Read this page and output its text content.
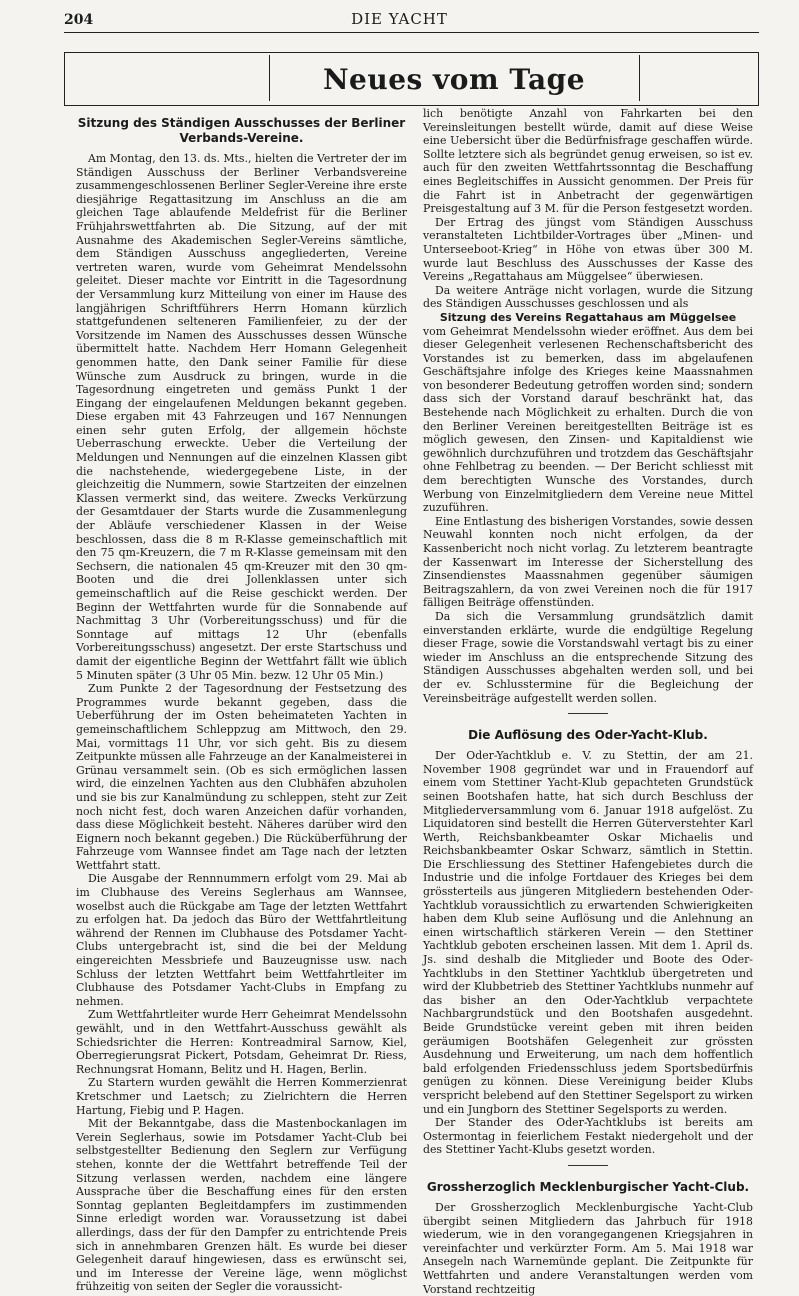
204	DIE YACHT
Neues vom Tage
Sitzung des Ständigen Ausschusses der Berliner
Verbands-Vereine.

Am Montag, den 13. ds. Mts., hielten die Vertreter der im Ständigen Ausschuss der Berliner Verbandsvereine zusammengeschlossenen Berliner Segler-Vereine ihre erste diesjährige Regattasitzung im Anschluss an die am gleichen Tage ablaufende Meldefrist für die Berliner Frühjahrswettfahrten ab. Die Sitzung, auf der mit Ausnahme des Akademischen Segler-Vereins sämtliche, dem Ständigen Ausschuss angegliederten, Vereine vertreten waren, wurde vom Geheimrat Mendelssohn geleitet. Dieser machte vor Eintritt in die Tagesordnung der Versammlung kurz Mitteilung von einer im Hause des langjährigen Schriftführers Herrn Homann kürzlich stattgefundenen selteneren Familienfeier, zu der der Vorsitzende im Namen des Ausschusses dessen Wünsche übermittelt hatte. Nachdem Herr Homann Gelegenheit genommen hatte, den Dank seiner Familie für diese Wünsche zum Ausdruck zu bringen, wurde in die Tagesordnung eingetreten und gemäss Punkt 1 der Eingang der eingelaufenen Meldungen bekannt gegeben. Diese ergaben mit 43 Fahrzeugen und 167 Nennungen einen sehr guten Erfolg, der allgemein höchste Ueberraschung erweckte. Ueber die Verteilung der Meldungen und Nennungen auf die einzelnen Klassen gibt die nachstehende, wiedergegebene Liste, in der gleichzeitig die Nummern, sowie Startzeiten der einzelnen Klassen vermerkt sind, das weitere. Zwecks Verkürzung der Gesamtdauer der Starts wurde die Zusammenlegung der Abläufe verschiedener Klassen in der Weise beschlossen, dass die 8 m R-Klasse gemeinschaftlich mit den 75 qm-Kreuzern, die 7 m R-Klasse gemeinsam mit den Sechsern, die nationalen 45 qm-Kreuzer mit den 30 qm-Booten und die drei Jollenklassen unter sich gemeinschaftlich auf die Reise geschickt werden. Der Beginn der Wettfahrten wurde für die Sonnabende auf Nachmittag 3 Uhr (Vorbereitungsschuss) und für die Sonntage auf mittags 12 Uhr (ebenfalls Vorbereitungsschuss) angesetzt. Der erste Startschuss und damit der eigentliche Beginn der Wettfahrt fällt wie üblich 5 Minuten später (3 Uhr 05 Min. bezw. 12 Uhr 05 Min.)

Zum Punkte 2 der Tagesordnung der Festsetzung des Programmes wurde bekannt gegeben, dass die Ueberführung der im Osten beheimateten Yachten in gemeinschaftlichem Schleppzug am Mittwoch, den 29. Mai, vormittags 11 Uhr, vor sich geht. Bis zu diesem Zeitpunkte müssen alle Fahrzeuge an der Kanalmeisterei in Grünau versammelt sein. (Ob es sich ermöglichen lassen wird, die einzelnen Yachten aus den Clubhäfen abzuholen und sie bis zur Kanalmündung zu schleppen, steht zur Zeit noch nicht fest, doch waren Anzeichen dafür vorhanden, dass diese Möglichkeit besteht. Näheres darüber wird den Eignern noch bekannt gegeben.) Die Rücküberführung der Fahrzeuge vom Wannsee findet am Tage nach der letzten Wettfahrt statt.

Die Ausgabe der Rennnummern erfolgt vom 29. Mai ab im Clubhause des Vereins Seglerhaus am Wannsee, woselbst auch die Rückgabe am Tage der letzten Wettfahrt zu erfolgen hat. Da jedoch das Büro der Wettfahrtleitung während der Rennen im Clubhause des Potsdamer Yacht-Clubs untergebracht ist, sind die bei der Meldung eingereichten Messbriefe und Bauzeugnisse usw. nach Schluss der letzten Wettfahrt beim Wettfahrtleiter im Clubhause des Potsdamer Yacht-Clubs in Empfang zu nehmen.

Zum Wettfahrtleiter wurde Herr Geheimrat Mendelssohn gewählt, und in den Wettfahrt-Ausschuss gewählt als Schiedsrichter die Herren: Kontreadmiral Sarnow, Kiel, Oberregierungsrat Pickert, Potsdam, Geheimrat Dr. Riess, Rechnungsrat Homann, Belitz und H. Hagen, Berlin.

Zu Startern wurden gewählt die Herren Kommerzienrat Kretschmer und Laetsch; zu Zielrichtern die Herren Hartung, Fiebig und P. Hagen.

Mit der Bekanntgabe, dass die Mastenbockanlagen im Verein Seglerhaus, sowie im Potsdamer Yacht-Club bei selbstgestellter Bedienung den Seglern zur Verfügung stehen, konnte der die Wettfahrt betreffende Teil der Sitzung verlassen werden, nachdem eine längere Aussprache über die Beschaffung eines für den ersten Sonntag geplanten Begleitdampfers im zustimmenden Sinne erledigt worden war. Voraussetzung ist dabei allerdings, dass der für den Dampfer zu entrichtende Preis sich in annehmbaren Grenzen hält. Es wurde bei dieser Gelegenheit darauf hingewiesen, dass es erwünscht sei, und im Interesse der Vereine läge, wenn möglichst frühzeitig von seiten der Segler die voraussicht-

lich benötigte Anzahl von Fahrkarten bei den Vereinsleitungen bestellt würde, damit auf diese Weise eine Uebersicht über die Bedürfnisfrage geschaffen würde. Sollte letztere sich als begründet genug erweisen, so ist ev. auch für den zweiten Wettfahrtssonntag die Beschaffung eines Begleitschiffes in Aussicht genommen. Der Preis für die Fahrt ist in Anbetracht der gegenwärtigen Preisgestaltung auf 3 M. für die Person festgesetzt worden.

Der Ertrag des jüngst vom Ständigen Ausschuss veranstalteten Lichtbilder-Vortrages über „Minen- und Unterseeboot-Krieg“ in Höhe von etwas über 300 M. wurde laut Beschluss des Ausschusses der Kasse des Vereins „Regattahaus am Müggelsee“ überwiesen.

Da weitere Anträge nicht vorlagen, wurde die Sitzung des Ständigen Ausschusses geschlossen und als

Sitzung des Vereins Regattahaus am Müggelsee

vom Geheimrat Mendelssohn wieder eröffnet. Aus dem bei dieser Gelegenheit verlesenen Rechenschaftsbericht des Vorstandes ist zu bemerken, dass im abgelaufenen Geschäftsjahre infolge des Krieges keine Maassnahmen von besonderer Bedeutung getroffen worden sind; sondern dass sich der Vorstand darauf beschränkt hat, das Bestehende nach Möglichkeit zu erhalten. Durch die von den Berliner Vereinen bereitgestellten Beiträge ist es möglich gewesen, den Zinsen- und Kapitaldienst wie gewöhnlich durchzuführen und trotzdem das Geschäftsjahr ohne Fehlbetrag zu beenden. — Der Bericht schliesst mit dem berechtigten Wunsche des Vorstandes, durch Werbung von Einzelmitgliedern dem Vereine neue Mittel zuzuführen.

Eine Entlastung des bisherigen Vorstandes, sowie dessen Neuwahl konnten noch nicht erfolgen, da der Kassenbericht noch nicht vorlag. Zu letzterem beantragte der Kassenwart im Interesse der Sicherstellung des Zinsendienstes Maassnahmen gegenüber säumigen Beitragszahlern, da von zwei Vereinen noch die für 1917 fälligen Beiträge offenstünden.

Da sich die Versammlung grundsätzlich damit einverstanden erklärte, wurde die endgültige Regelung dieser Frage, sowie die Vorstandswahl vertagt bis zu einer wieder im Anschluss an die entsprechende Sitzung des Ständigen Ausschusses abgehalten werden soll, und bei der ev. Schlusstermine für die Begleichung der Vereinsbeiträge aufgestellt werden sollen.

Die Auflösung des Oder-Yacht-Klub.

Der Oder-Yachtklub e. V. zu Stettin, der am 21. November 1908 gegründet war und in Frauendorf auf einem vom Stettiner Yacht-Klub gepachteten Grundstück seinen Bootshafen hatte, hat sich durch Beschluss der Mitgliederversammlung vom 6. Januar 1918 aufgelöst. Zu Liquidatoren sind bestellt die Herren Güterverstehter Karl Werth, Reichsbankbeamter Oskar Michaelis und Reichsbankbeamter Oskar Schwarz, sämtlich in Stettin. Die Erschliessung des Stettiner Hafengebietes durch die Industrie und die infolge Fortdauer des Krieges bei dem grössterteils aus jüngeren Mitgliedern bestehenden Oder-Yachtklub voraussichtlich zu erwartenden Schwierigkeiten haben dem Klub seine Auflösung und die Anlehnung an einen wirtschaftlich stärkeren Verein — den Stettiner Yachtklub geboten erscheinen lassen. Mit dem 1. April ds. Js. sind deshalb die Mitglieder und Boote des Oder-Yachtklubs in den Stettiner Yachtklub übergetreten und wird der Klubbetrieb des Stettiner Yachtklubs nunmehr auf das bisher an den Oder-Yachtklub verpachtete Nachbargrundstück und den Bootshafen ausgedehnt. Beide Grundstücke vereint geben mit ihren beiden geräumigen Bootshäfen Gelegenheit zur grössten Ausdehnung und Erweiterung, um nach dem hoffentlich bald erfolgenden Friedensschluss jedem Sportsbedürfnis genügen zu können. Diese Vereinigung beider Klubs verspricht belebend auf den Stettiner Segelsport zu wirken und ein Jungborn des Stettiner Segelsports zu werden.

Der Stander des Oder-Yachtklubs ist bereits am Ostermontag in feierlichem Festakt niedergeholt und der des Stettiner Yacht-Klubs gesetzt worden.

Grossherzoglich Mecklenburgischer Yacht-Club.

Der Grossherzoglich Mecklenburgische Yacht-Club übergibt seinen Mitgliedern das Jahrbuch für 1918 wiederum, wie in den vorangegangenen Kriegsjahren in vereinfachter und verkürzter Form. Am 5. Mai 1918 war Ansegeln nach Warnemünde geplant. Die Zeitpunkte für Wettfahrten und andere Veranstaltungen werden vom Vorstand rechtzeitig
